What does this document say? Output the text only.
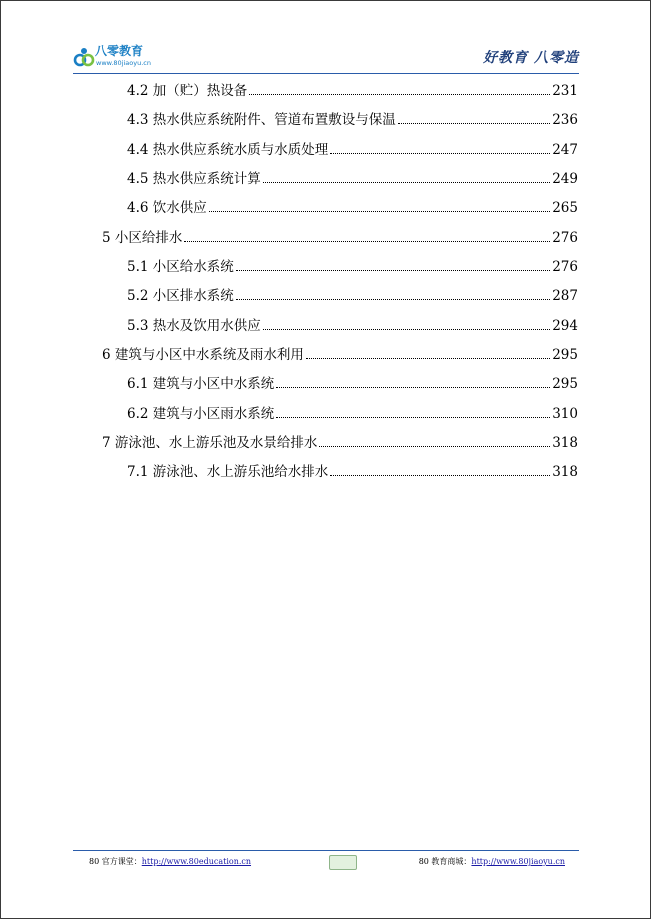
八零教育
www.80jiaoyu.cn	好教育 八零造
4.2 加（贮）热设备	231
4.3 热水供应系统附件、管道布置敷设与保温	236
4.4 热水供应系统水质与水质处理	247
4.5 热水供应系统计算	249
4.6 饮水供应	265
5 小区给排水	276
5.1 小区给水系统	276
5.2 小区排水系统	287
5.3 热水及饮用水供应	294
6 建筑与小区中水系统及雨水利用	295
6.1 建筑与小区中水系统	295
6.2 建筑与小区雨水系统	310
7 游泳池、水上游乐池及水景给排水	318
7.1 游泳池、水上游乐池给水排水	318
80 官方课堂：http://www.80education.cn	80 教育商城：http://www.80jiaoyu.cn
